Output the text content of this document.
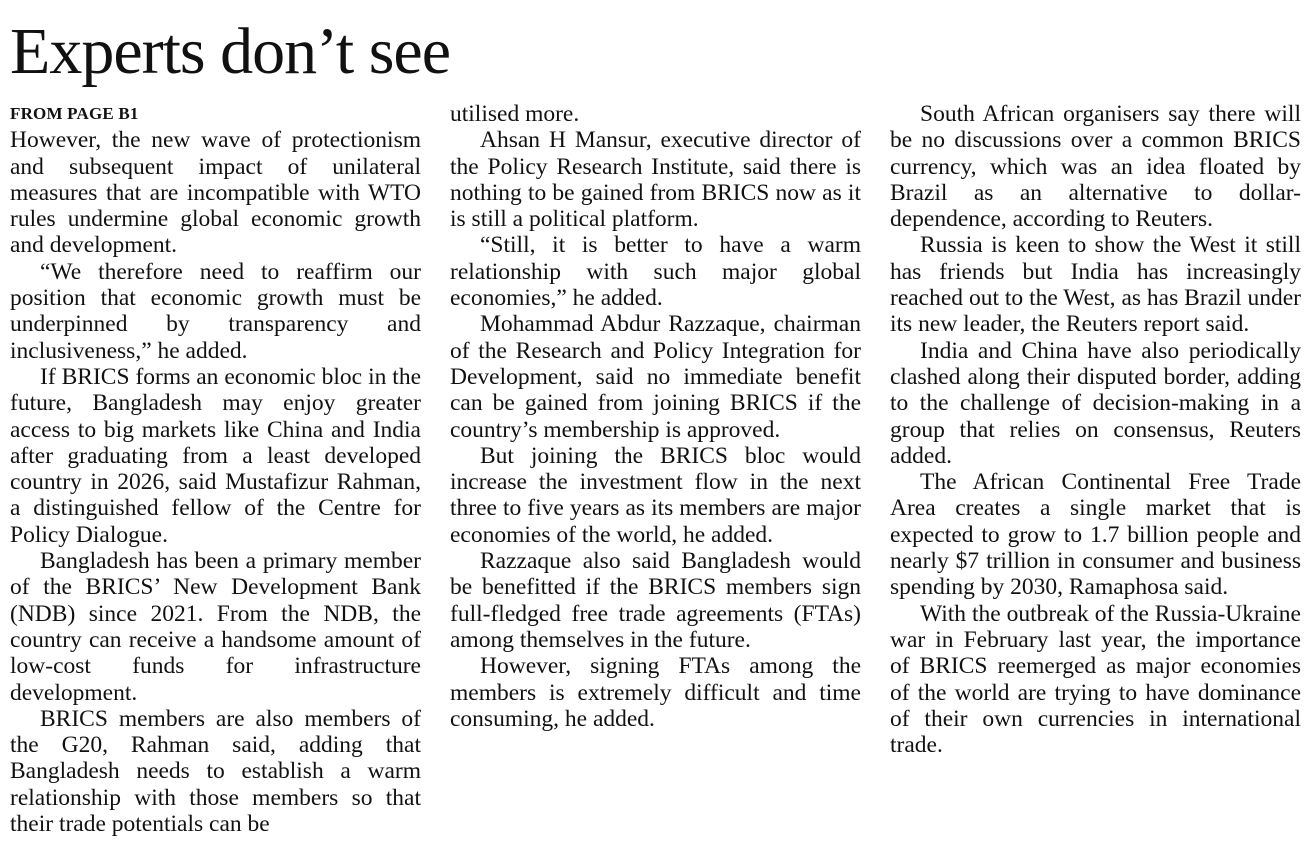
Experts don’t see
FROM PAGE B1

However, the new wave of protectionism and subsequent impact of unilateral measures that are incompatible with WTO rules undermine global economic growth and development.

“We therefore need to reaffirm our position that economic growth must be underpinned by transparency and inclusiveness,” he added.

If BRICS forms an economic bloc in the future, Bangladesh may enjoy greater access to big markets like China and India after graduating from a least developed country in 2026, said Mustafizur Rahman, a distinguished fellow of the Centre for Policy Dialogue.

Bangladesh has been a primary member of the BRICS’ New Development Bank (NDB) since 2021. From the NDB, the country can receive a handsome amount of low-cost funds for infrastructure development.

BRICS members are also members of the G20, Rahman said, adding that Bangladesh needs to establish a warm relationship with those members so that their trade potentials can be

utilised more.

Ahsan H Mansur, executive director of the Policy Research Institute, said there is nothing to be gained from BRICS now as it is still a political platform.

“Still, it is better to have a warm relationship with such major global economies,” he added.

Mohammad Abdur Razzaque, chairman of the Research and Policy Integration for Development, said no immediate benefit can be gained from joining BRICS if the country’s membership is approved.

But joining the BRICS bloc would increase the investment flow in the next three to five years as its members are major economies of the world, he added.

Razzaque also said Bangladesh would be benefitted if the BRICS members sign full-fledged free trade agreements (FTAs) among themselves in the future.

However, signing FTAs among the members is extremely difficult and time consuming, he added.

South African organisers say there will be no discussions over a common BRICS currency, which was an idea floated by Brazil as an alternative to dollar-dependence, according to Reuters.

Russia is keen to show the West it still has friends but India has increasingly reached out to the West, as has Brazil under its new leader, the Reuters report said.

India and China have also periodically clashed along their disputed border, adding to the challenge of decision-making in a group that relies on consensus, Reuters added.

The African Continental Free Trade Area creates a single market that is expected to grow to 1.7 billion people and nearly $7 trillion in consumer and business spending by 2030, Ramaphosa said.

With the outbreak of the Russia-Ukraine war in February last year, the importance of BRICS reemerged as major economies of the world are trying to have dominance of their own currencies in international trade.
